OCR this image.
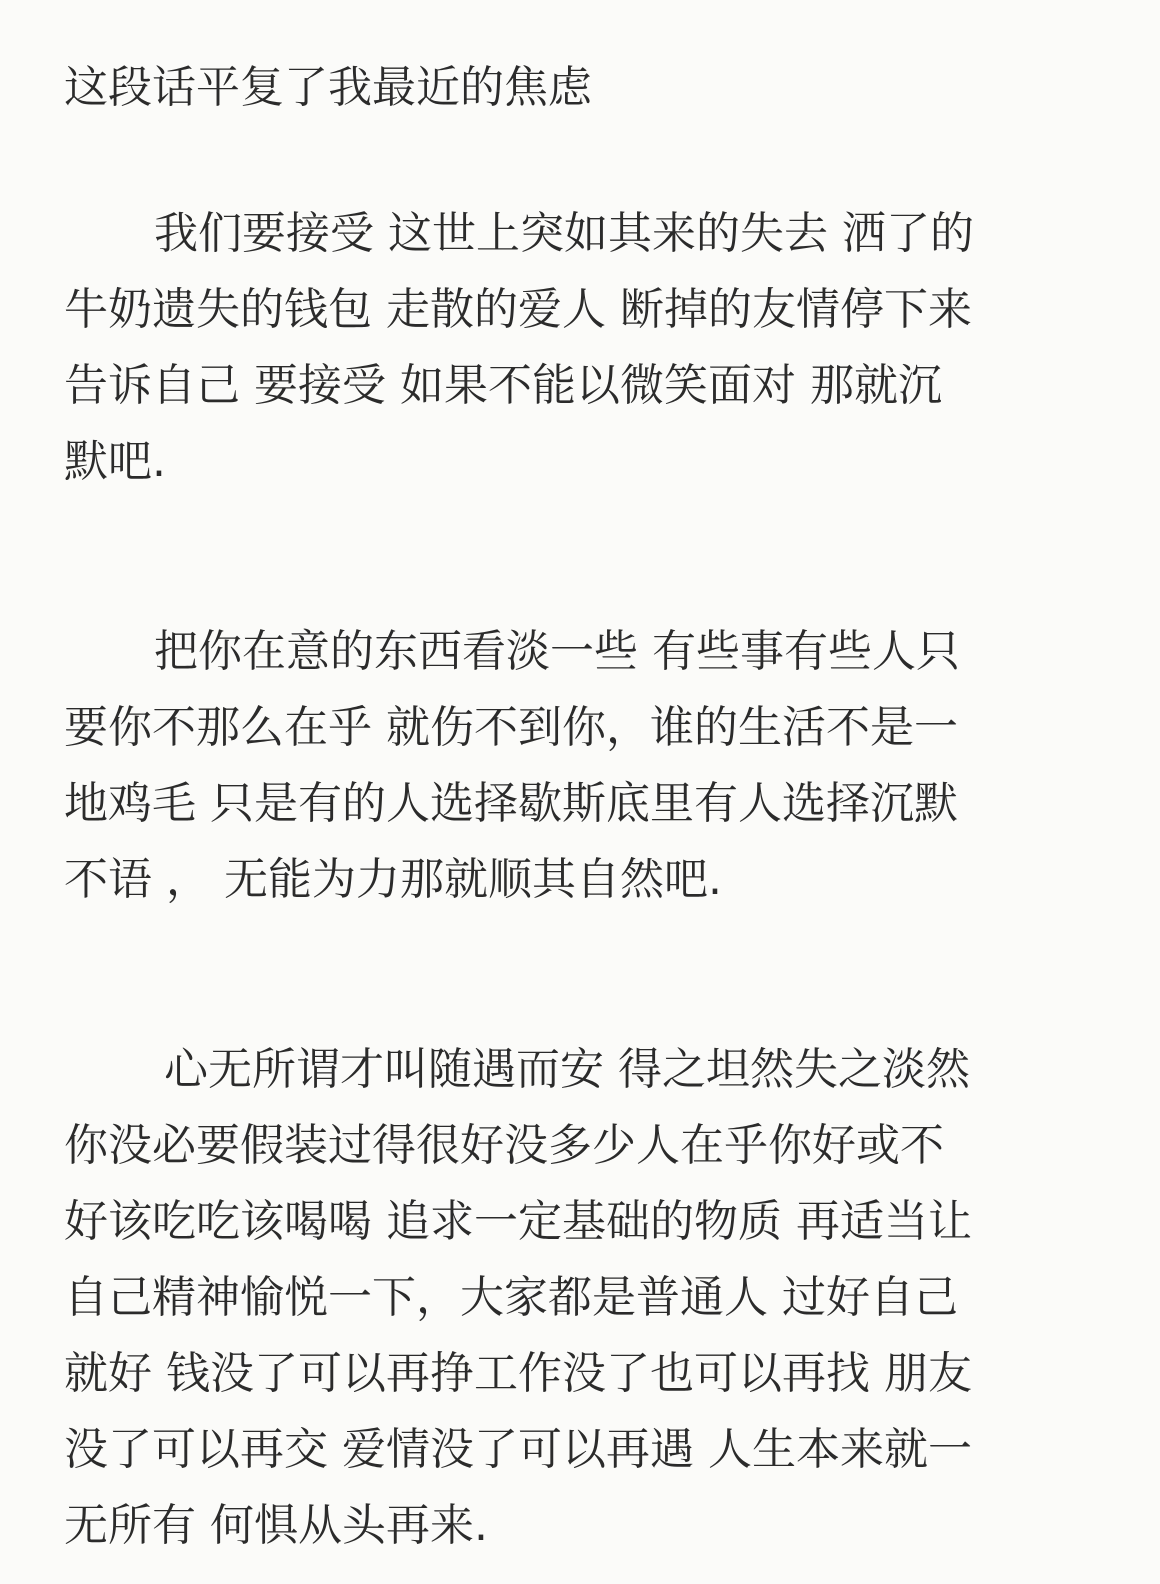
这段话平复了我最近的焦虑
我们要接受 这世上突如其来的失去 洒了的
牛奶遗失的钱包 走散的爱人 断掉的友情停下来
告诉自己 要接受 如果不能以微笑面对 那就沉
默吧.
把你在意的东西看淡一些 有些事有些人只
要你不那么在乎 就伤不到你，谁的生活不是一
地鸡毛 只是有的人选择歇斯底里有人选择沉默
不语 ， 无能为力那就顺其自然吧.
心无所谓才叫随遇而安 得之坦然失之淡然
你没必要假装过得很好没多少人在乎你好或不
好该吃吃该喝喝 追求一定基础的物质 再适当让
自己精神愉悦一下，大家都是普通人 过好自己
就好 钱没了可以再挣工作没了也可以再找 朋友
没了可以再交 爱情没了可以再遇 人生本来就一
无所有 何惧从头再来.
